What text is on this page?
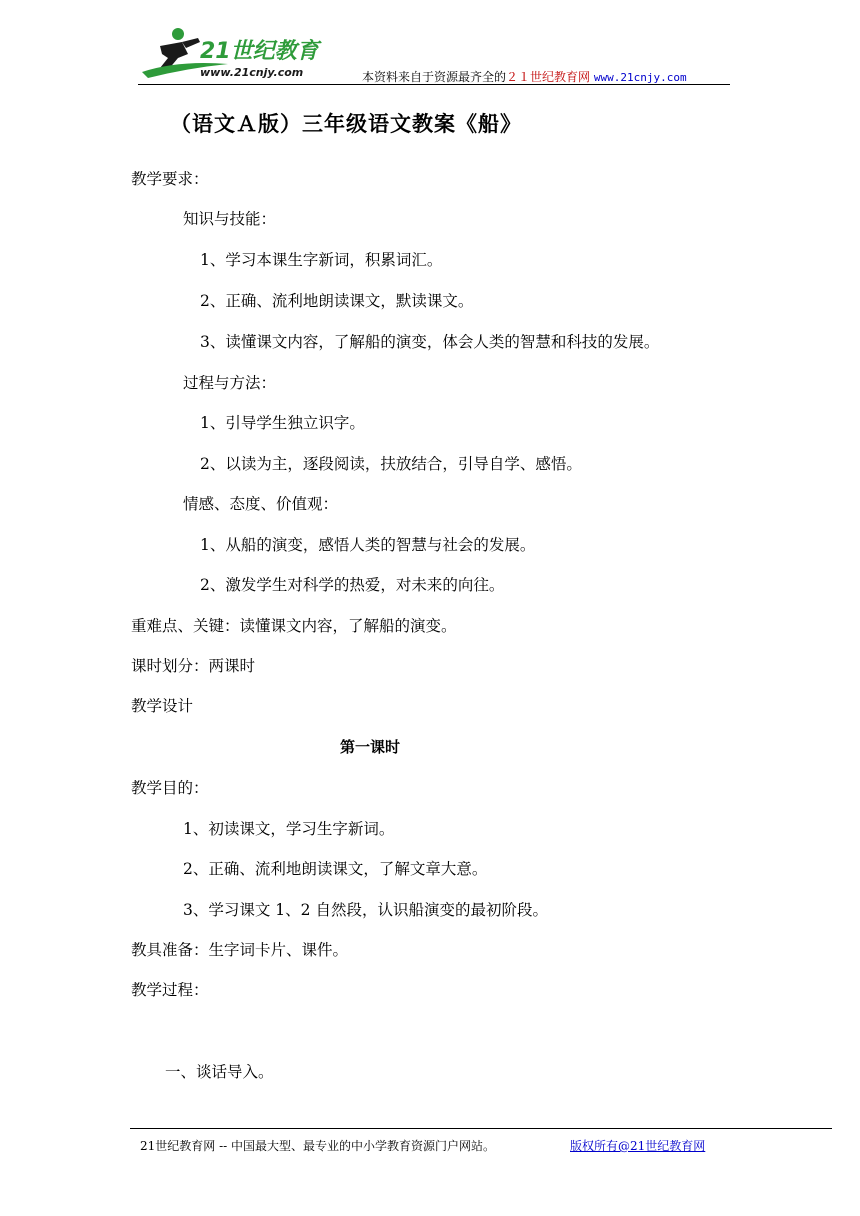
21世纪教育
www.21cnjy.com	本资料来自于资源最齐全的２１世纪教育网 www.21cnjy.com
（语文Ａ版）三年级语文教案《船》
教学要求：
知识与技能：
1、学习本课生字新词，积累词汇。
2、正确、流利地朗读课文，默读课文。
3、读懂课文内容，了解船的演变，体会人类的智慧和科技的发展。
过程与方法：
1、引导学生独立识字。
2、以读为主，逐段阅读，扶放结合，引导自学、感悟。
情感、态度、价值观：
1、从船的演变，感悟人类的智慧与社会的发展。
2、激发学生对科学的热爱，对未来的向往。
重难点、关键：读懂课文内容，了解船的演变。
课时划分：两课时
教学设计
第一课时
教学目的：
1、初读课文，学习生字新词。
2、正确、流利地朗读课文，了解文章大意。
3、学习课文 1、2 自然段，认识船演变的最初阶段。
教具准备：生字词卡片、课件。
教学过程：
一、谈话导入。
21世纪教育网 -- 中国最大型、最专业的中小学教育资源门户网站。	版权所有@21世纪教育网
